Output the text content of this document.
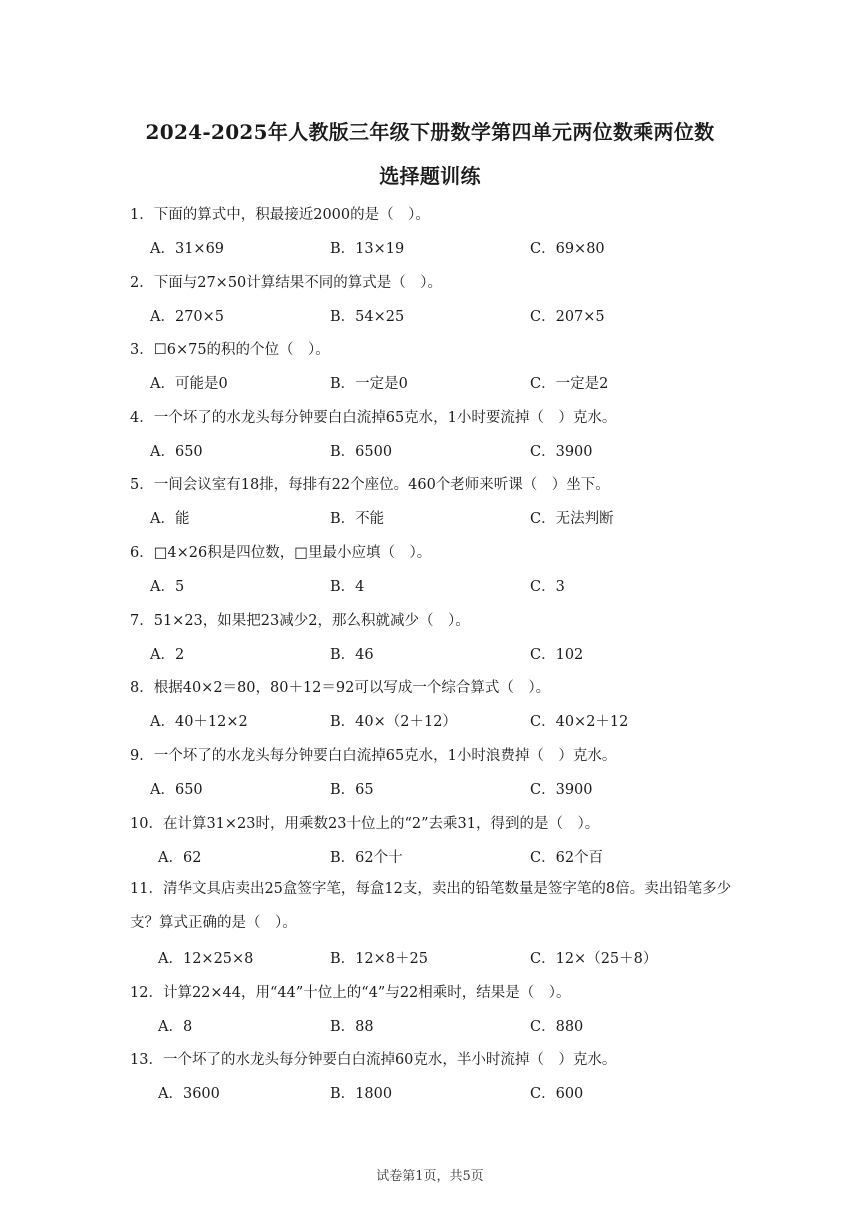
2024-2025年人教版三年级下册数学第四单元两位数乘两位数
选择题训练
1．下面的算式中，积最接近2000的是（　）。
A．31×69	B．13×19	C．69×80
2．下面与27×50计算结果不同的算式是（　）。
A．270×5	B．54×25	C．207×5
3．☐6×75的积的个位（　）。
A．可能是0	B．一定是0	C．一定是2
4．一个坏了的水龙头每分钟要白白流掉65克水，1小时要流掉（　）克水。
A．650	B．6500	C．3900
5．一间会议室有18排，每排有22个座位。460个老师来听课（　）坐下。
A．能	B．不能	C．无法判断
6．□4×26积是四位数，□里最小应填（　）。
A．5	B．4	C．3
7．51×23，如果把23减少2，那么积就减少（　）。
A．2	B．46	C．102
8．根据40×2＝80，80＋12＝92可以写成一个综合算式（　）。
A．40＋12×2	B．40×（2＋12）	C．40×2＋12
9．一个坏了的水龙头每分钟要白白流掉65克水，1小时浪费掉（　）克水。
A．650	B．65	C．3900
10．在计算31×23时，用乘数23十位上的“2”去乘31，得到的是（　）。
A．62	B．62个十	C．62个百
11．清华文具店卖出25盒签字笔，每盒12支，卖出的铅笔数量是签字笔的8倍。卖出铅笔多少支？算式正确的是（　）。
A．12×25×8	B．12×8＋25	C．12×（25＋8）
12．计算22×44，用“44”十位上的“4”与22相乘时，结果是（　）。
A．8	B．88	C．880
13．一个坏了的水龙头每分钟要白白流掉60克水，半小时流掉（　）克水。
A．3600	B．1800	C．600
试卷第1页，共5页
